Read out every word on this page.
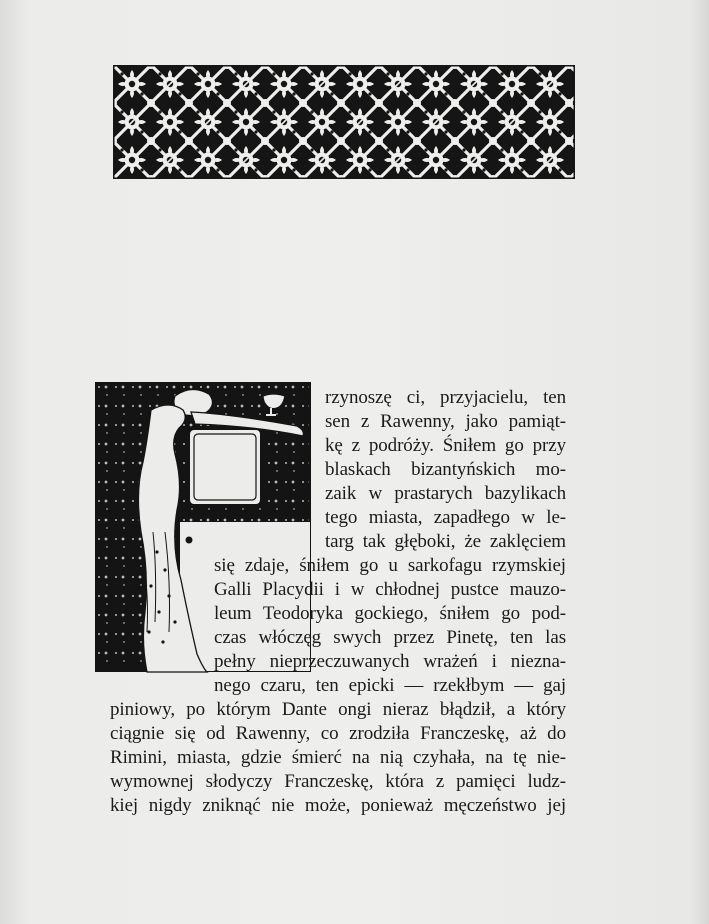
rzynoszę ci, przyjacielu, ten
sen z Rawenny, jako pamiąt-
kę z podróży. Śniłem go przy
blaskach bizantyńskich mo-
zaik w prastarych bazylikach
tego miasta, zapadłego w le-
targ tak głęboki, że zaklęciem
się zdaje, śniłem go u sarkofagu rzymskiej
Galli Placydii i w chłodnej pustce mauzo-
leum Teodoryka gockiego, śniłem go pod-
czas włóczęg swych przez Pinetę, ten las
pełny nieprzeczuwanych wrażeń i niezna-
nego czaru, ten epicki — rzekłbym — gaj
piniowy, po którym Dante ongi nieraz błądził, a który
ciągnie się od Rawenny, co zrodziła Franczeskę, aż do
Rimini, miasta, gdzie śmierć na nią czyhała, na tę nie-
wymownej słodyczy Franczeskę, która z pamięci ludz-
kiej nigdy zniknąć nie może, ponieważ męczeństwo jej
